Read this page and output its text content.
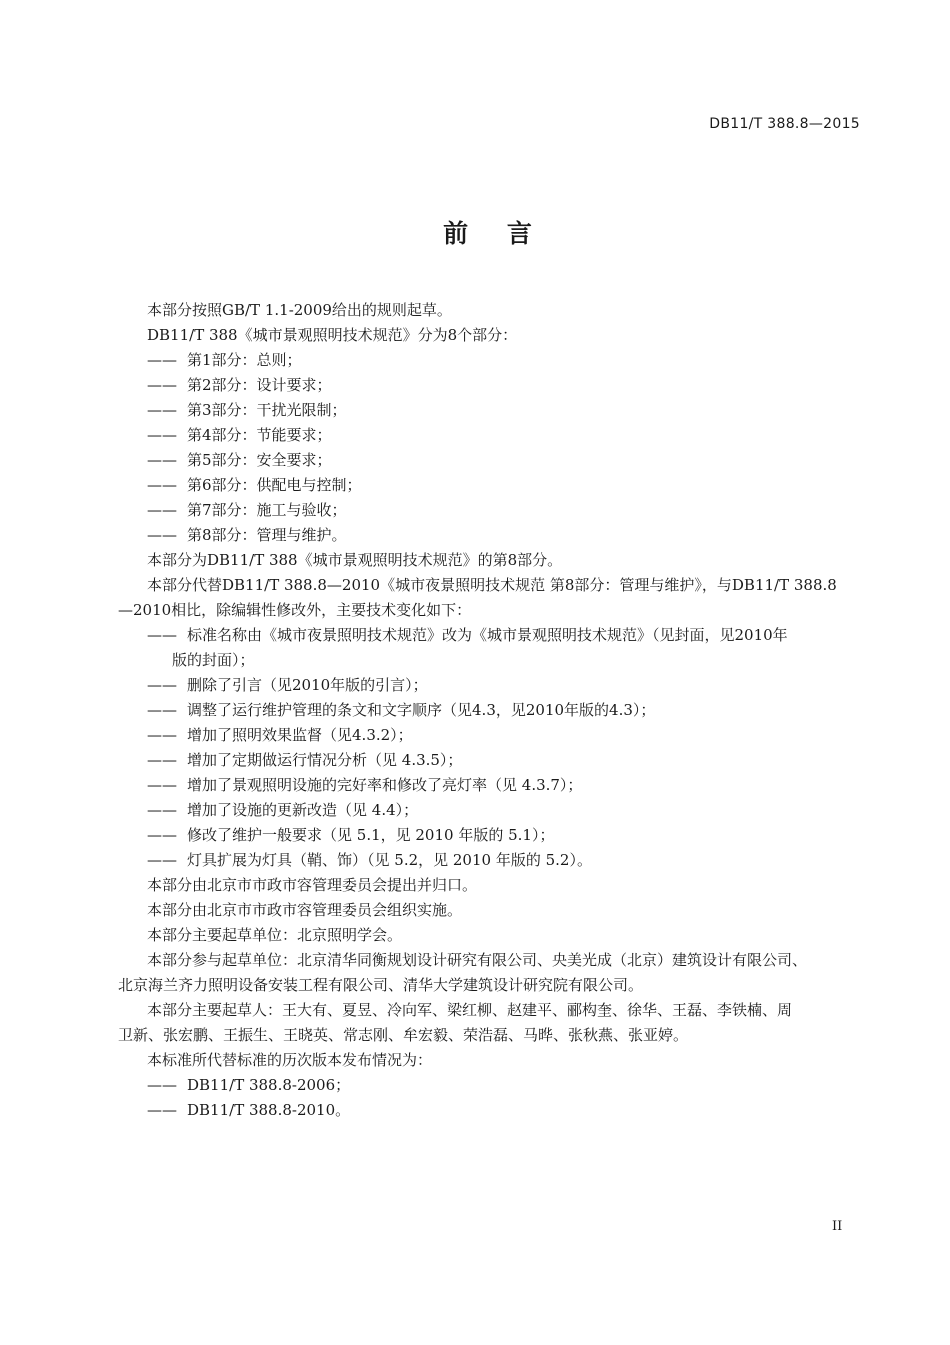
DB11/T 388.8—2015
前 言
本部分按照GB/T 1.1-2009给出的规则起草。
DB11/T 388《城市景观照明技术规范》分为8个部分：
—— 第1部分：总则；
—— 第2部分：设计要求；
—— 第3部分：干扰光限制；
—— 第4部分：节能要求；
—— 第5部分：安全要求；
—— 第6部分：供配电与控制；
—— 第7部分：施工与验收；
—— 第8部分：管理与维护。
本部分为DB11/T 388《城市景观照明技术规范》的第8部分。
本部分代替DB11/T 388.8—2010《城市夜景照明技术规范 第8部分：管理与维护》，与DB11/T 388.8
—2010相比，除编辑性修改外，主要技术变化如下：
—— 标准名称由《城市夜景照明技术规范》改为《城市景观照明技术规范》（见封面，见2010年
版的封面）；
—— 删除了引言（见2010年版的引言）；
—— 调整了运行维护管理的条文和文字顺序（见4.3，见2010年版的4.3）；
—— 增加了照明效果监督（见4.3.2）；
—— 增加了定期做运行情况分析（见 4.3.5）；
—— 增加了景观照明设施的完好率和修改了亮灯率（见 4.3.7）；
—— 增加了设施的更新改造（见 4.4）；
—— 修改了维护一般要求（见 5.1，见 2010 年版的 5.1）；
—— 灯具扩展为灯具（鞘、饰）（见 5.2，见 2010 年版的 5.2）。
本部分由北京市市政市容管理委员会提出并归口。
本部分由北京市市政市容管理委员会组织实施。
本部分主要起草单位：北京照明学会。
本部分参与起草单位：北京清华同衡规划设计研究有限公司、央美光成（北京）建筑设计有限公司、
北京海兰齐力照明设备安装工程有限公司、清华大学建筑设计研究院有限公司。
本部分主要起草人：王大有、夏昱、冷向军、梁红柳、赵建平、郦构奎、徐华、王磊、李铁楠、周
卫新、张宏鹏、王振生、王晓英、常志刚、牟宏毅、荣浩磊、马晔、张秋燕、张亚婷。
本标准所代替标准的历次版本发布情况为：
—— DB11/T 388.8-2006；
—— DB11/T 388.8-2010。
II
